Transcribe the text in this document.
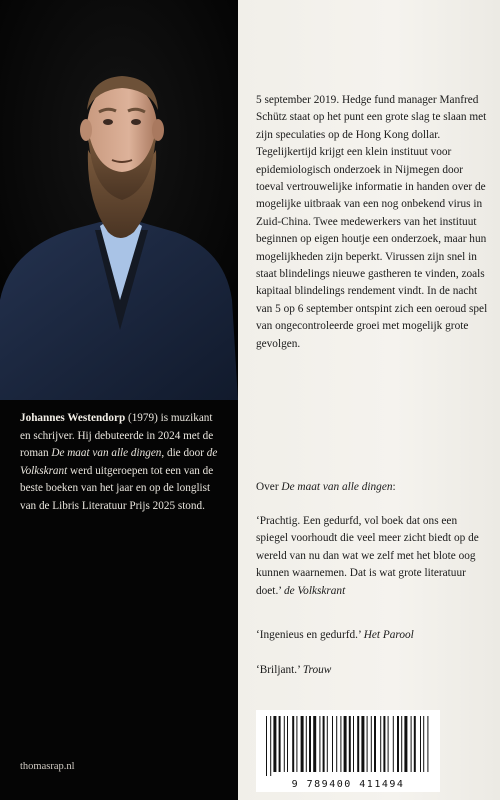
Johannes Westendorp (1979) is muzikant en schrijver. Hij debuteerde in 2024 met de roman De maat van alle dingen, die door de Volkskrant werd uitgeroepen tot een van de beste boeken van het jaar en op de longlist van de Libris Literatuur Prijs 2025 stond.
thomasrap.nl
5 september 2019. Hedge fund manager Manfred Schütz staat op het punt een grote slag te slaan met zijn speculaties op de Hong Kong dollar. Tegelijkertijd krijgt een klein instituut voor epidemiologisch onderzoek in Nijmegen door toeval vertrouwelijke informatie in handen over de mogelijke uitbraak van een nog onbekend virus in Zuid-China. Twee medewerkers van het instituut beginnen op eigen houtje een onderzoek, maar hun mogelijkheden zijn beperkt. Virussen zijn snel in staat blindelings nieuwe gastheren te vinden, zoals kapitaal blindelings rendement vindt. In de nacht van 5 op 6 september ontspint zich een oeroud spel van ongecontroleerde groei met mogelijk grote gevolgen.
Over De maat van alle dingen:
‘Prachtig. Een gedurfd, vol boek dat ons een spiegel voorhoudt die veel meer zicht biedt op de wereld van nu dan wat we zelf met het blote oog kunnen waarnemen. Dat is wat grote literatuur doet.’ de Volkskrant
‘Ingenieus en gedurfd.’ Het Parool
‘Briljant.’ Trouw
9 789400 411494
